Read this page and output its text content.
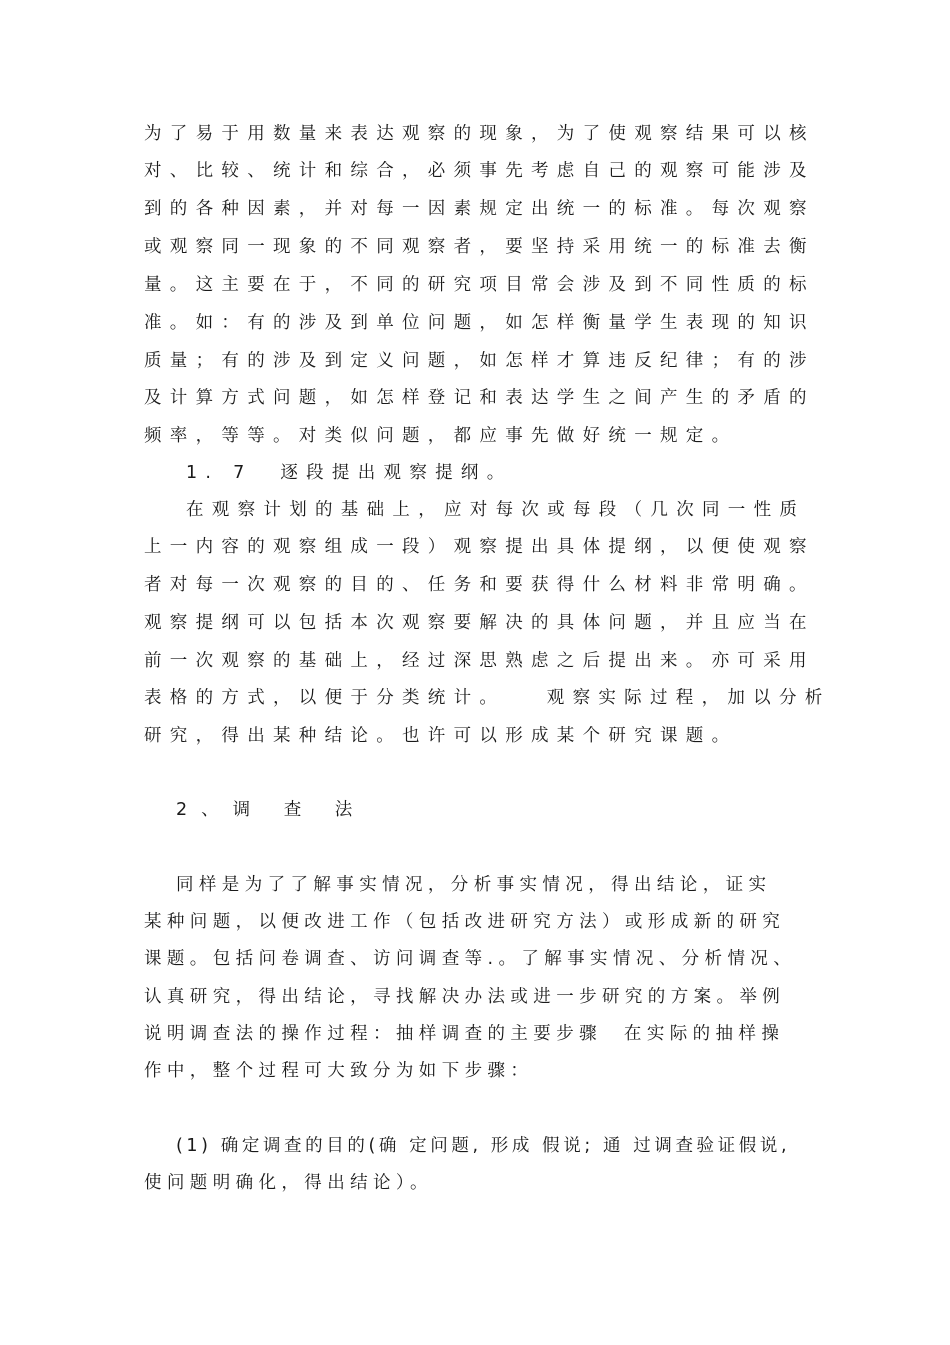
为了易于用数量来表达观察的现象，为了使观察结果可以核
对、比较、统计和综合，必须事先考虑自己的观察可能涉及
到的各种因素，并对每一因素规定出统一的标准。每次观察
或观察同一现象的不同观察者，要坚持采用统一的标准去衡
量。这主要在于，不同的研究项目常会涉及到不同性质的标
准。如：有的涉及到单位问题，如怎样衡量学生表现的知识
质量；有的涉及到定义问题，如怎样才算违反纪律；有的涉
及计算方式问题，如怎样登记和表达学生之间产生的矛盾的
频率，等等。对类似问题，都应事先做好统一规定。
1. 7  逐段提出观察提纲。
在观察计划的基础上，应对每次或每段（几次同一性质
上一内容的观察组成一段）观察提出具体提纲，以便使观察
者对每一次观察的目的、任务和要获得什么材料非常明确。
观察提纲可以包括本次观察要解决的具体问题，并且应当在
前一次观察的基础上，经过深思熟虑之后提出来。亦可采用
表格的方式，以便于分类统计。   观察实际过程，加以分析
研究，得出某种结论。也许可以形成某个研究课题。
2、调 查 法
同样是为了了解事实情况，分析事实情况，得出结论，证实
某种问题，以便改进工作（包括改进研究方法）或形成新的研究
课题。包括问卷调查、访问调查等.。了解事实情况、分析情况、
认真研究，得出结论，寻找解决办法或进一步研究的方案。举例
说明调查法的操作过程：抽样调查的主要步骤  在实际的抽样操
作中，整个过程可大致分为如下步骤：
(1) 确定调查的目的(确 定问题, 形成 假说; 通 过调查验证假说,
使问题明确化，得出结论）。
